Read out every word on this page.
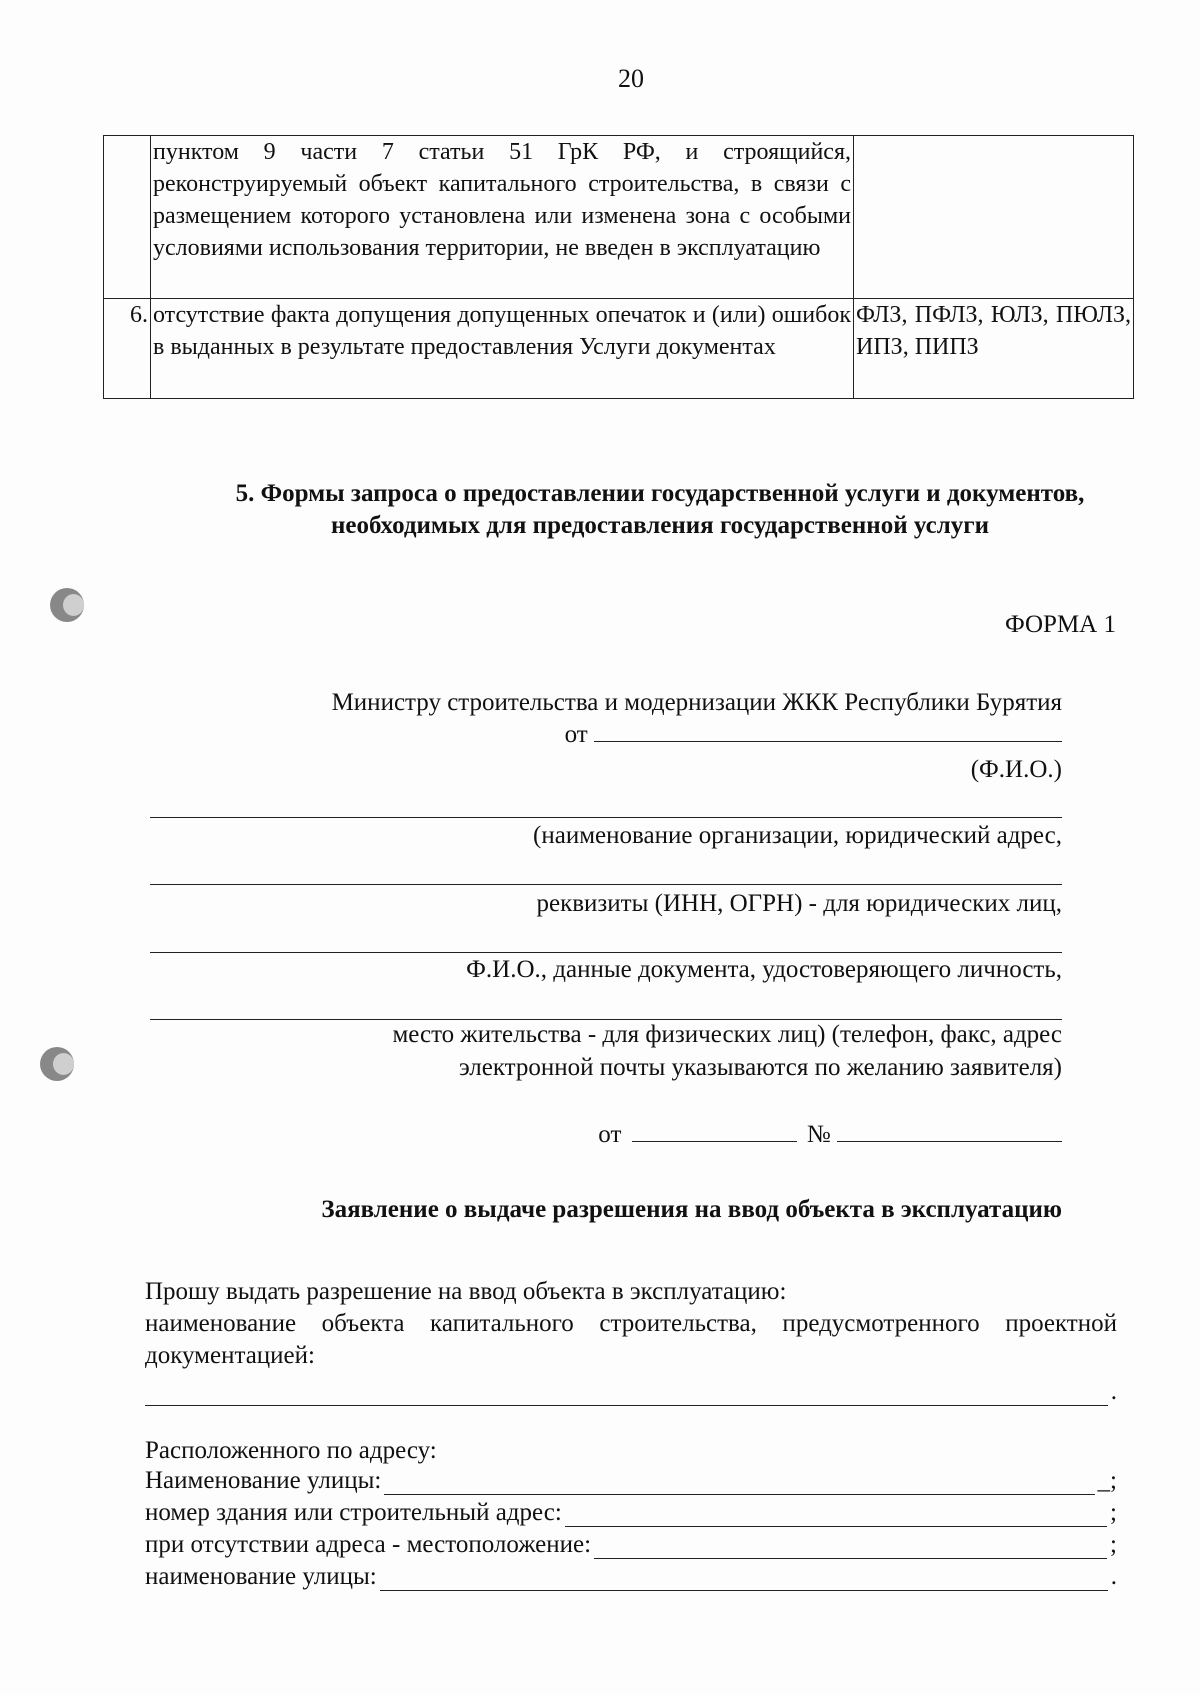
20
	пунктом 9 части 7 статьи 51 ГрК РФ, и строящийся, реконструируемый объект капитального строительства, в связи с размещением которого установлена или изменена зона с особыми условиями использования территории, не введен в эксплуатацию	
6.	отсутствие факта допущения допущенных опечаток и (или) ошибок в выданных в результате предоставления Услуги документах	ФЛЗ, ПФЛЗ, ЮЛЗ, ПЮЛЗ, ИПЗ, ПИПЗ
5. Формы запроса о предоставлении государственной услуги и документов, необходимых для предоставления государственной услуги
ФОРМА 1
Министру строительства и модернизации ЖКК Республики Бурятия
от
(Ф.И.О.)
(наименование организации, юридический адрес,
реквизиты (ИНН, ОГРН) - для юридических лиц,
Ф.И.О., данные документа, удостоверяющего личность,
место жительства - для физических лиц) (телефон, факс, адрес
электронной почты указываются по желанию заявителя)
от	№
Заявление о выдаче разрешения на ввод объекта в эксплуатацию

Прошу выдать разрешение на ввод объекта в эксплуатацию:

наименование объекта капитального строительства, предусмотренного проектной документацией:

.
Расположенного по адресу:
Наименование улицы:	_;
номер здания или строительный адрес:	;
при отсутствии адреса - местоположение:	;
наименование улицы:	.
